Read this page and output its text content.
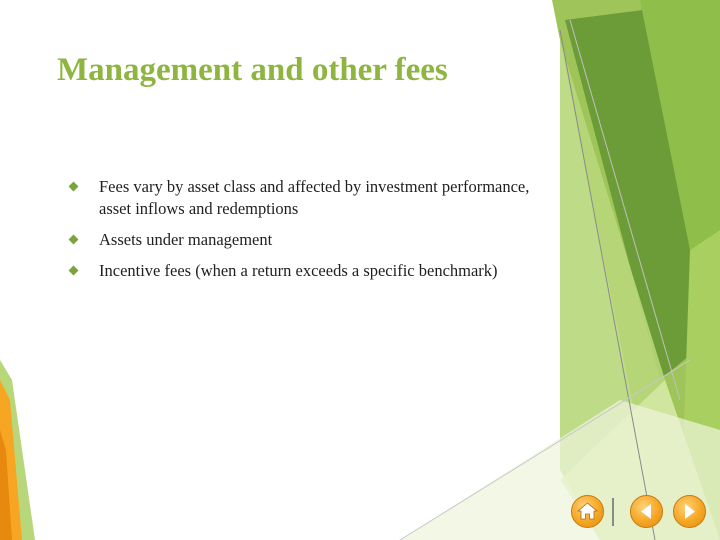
Management and other fees
Fees vary by asset class and affected by investment performance, asset inflows and redemptions
Assets under management
Incentive fees (when a return exceeds a specific benchmark)
